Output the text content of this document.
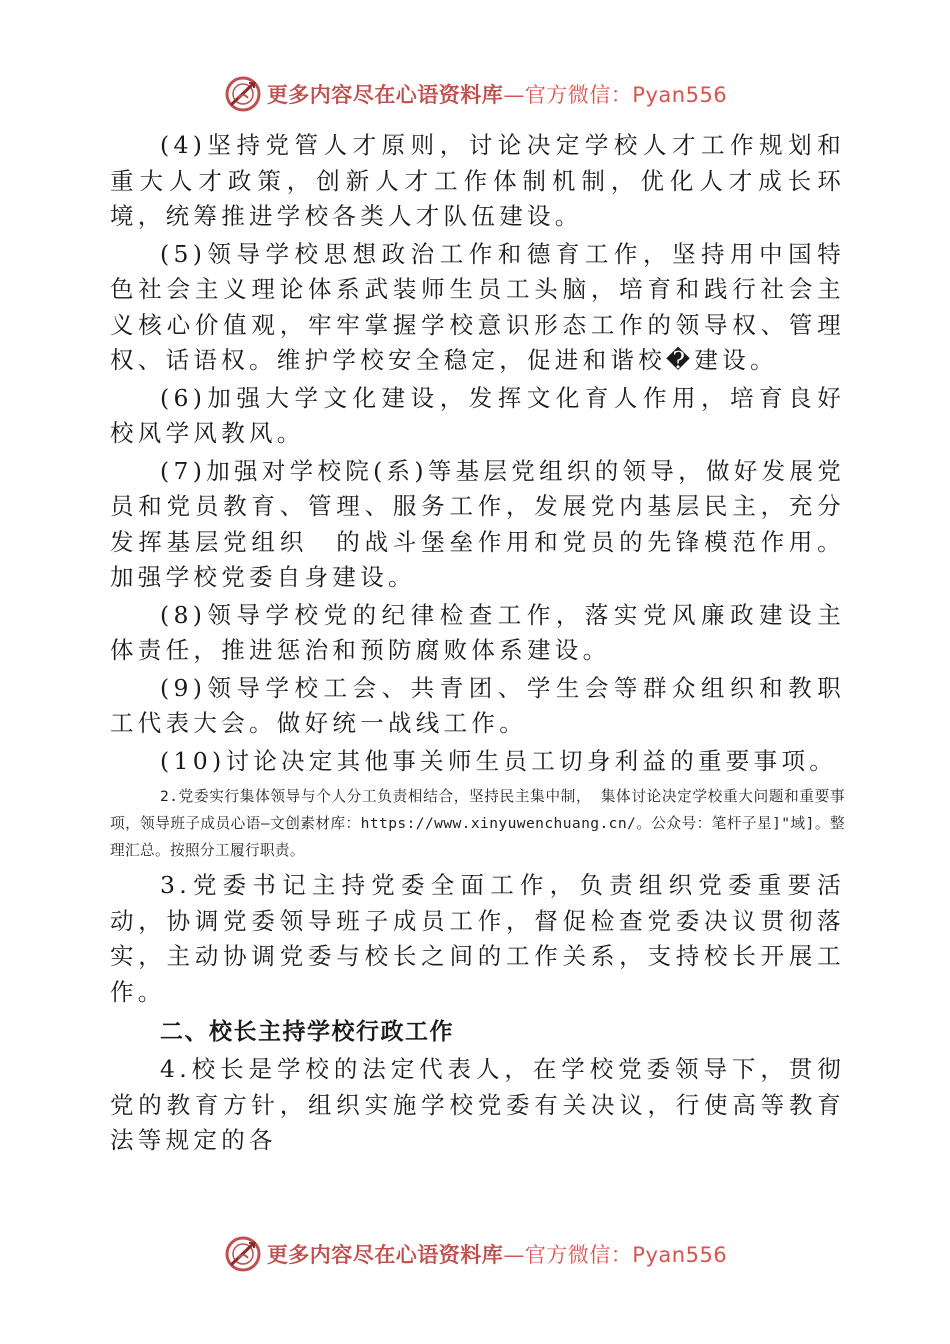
更多内容尽在心语资料库—官方微信：Pyan556

(4)坚持党管人才原则，讨论决定学校人才工作规划和重大人才政策，创新人才工作体制机制，优化人才成长环境，统筹推进学校各类人才队伍建设。

(5)领导学校思想政治工作和德育工作，坚持用中国特色社会主义理论体系武装师生员工头脑，培育和践行社会主义核心价值观，牢牢掌握学校意识形态工作的领导权、管理权、话语权。维护学校安全稳定，促进和谐校�建设。

(6)加强大学文化建设，发挥文化育人作用，培育良好校风学风教风。

(7)加强对学校院(系)等基层党组织的领导，做好发展党员和党员教育、管理、服务工作，发展党内基层民主，充分发挥基层党组织　的战斗堡垒作用和党员的先锋模范作用。加强学校党委自身建设。

(8)领导学校党的纪律检查工作，落实党风廉政建设主体责任，推进惩治和预防腐败体系建设。

(9)领导学校工会、共青团、学生会等群众组织和教职工代表大会。做好统一战线工作。

(10)讨论决定其他事关师生员工切身利益的重要事项。

2.党委实行集体领导与个人分工负责相结合，坚持民主集中制， 集体讨论决定学校重大问题和重要事项，领导班子成员心语—文创素材库：https://www.xinyuwenchuang.cn/。公众号：笔杆子星]"域]。整理汇总。按照分工履行职责。

3.党委书记主持党委全面工作，负责组织党委重要活动，协调党委领导班子成员工作，督促检查党委决议贯彻落实，主动协调党委与校长之间的工作关系，支持校长开展工作。

二、校长主持学校行政工作

4.校长是学校的法定代表人，在学校党委领导下，贯彻党的教育方针，组织实施学校党委有关决议，行使高等教育法等规定的各

更多内容尽在心语资料库—官方微信：Pyan556
